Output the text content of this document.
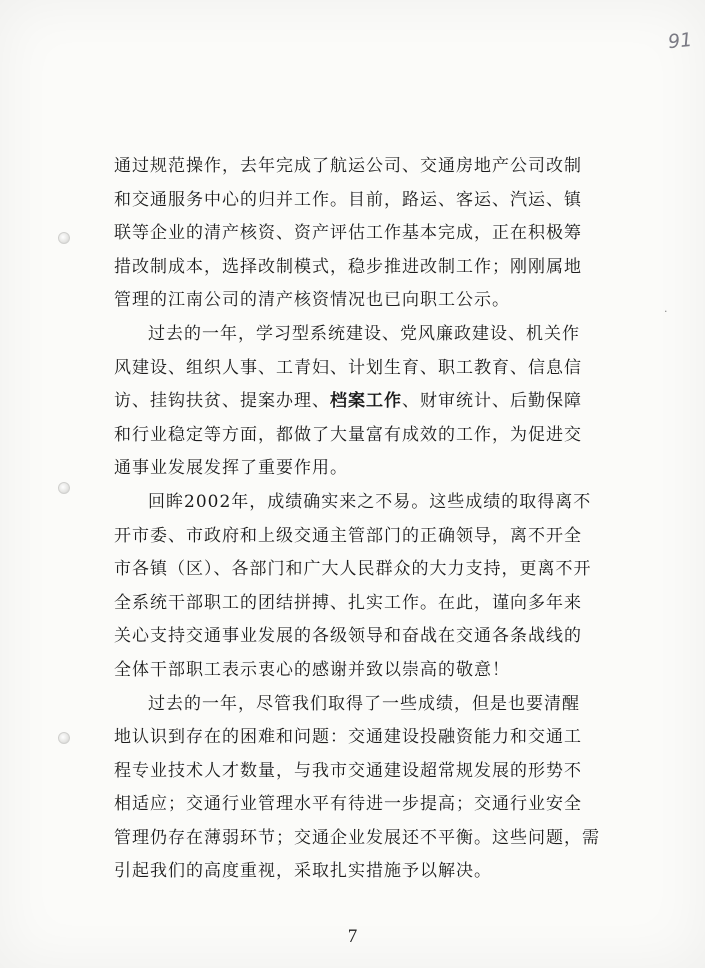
91
·
通过规范操作，去年完成了航运公司、交通房地产公司改制
和交通服务中心的归并工作。目前，路运、客运、汽运、镇
联等企业的清产核资、资产评估工作基本完成，正在积极筹
措改制成本，选择改制模式，稳步推进改制工作；刚刚属地
管理的江南公司的清产核资情况也已向职工公示。
过去的一年，学习型系统建设、党风廉政建设、机关作
风建设、组织人事、工青妇、计划生育、职工教育、信息信
访、挂钩扶贫、提案办理、档案工作、财审统计、后勤保障
和行业稳定等方面，都做了大量富有成效的工作，为促进交
通事业发展发挥了重要作用。
回眸2002年，成绩确实来之不易。这些成绩的取得离不
开市委、市政府和上级交通主管部门的正确领导，离不开全
市各镇（区）、各部门和广大人民群众的大力支持，更离不开
全系统干部职工的团结拼搏、扎实工作。在此，谨向多年来
关心支持交通事业发展的各级领导和奋战在交通各条战线的
全体干部职工表示衷心的感谢并致以崇高的敬意！
过去的一年，尽管我们取得了一些成绩，但是也要清醒
地认识到存在的困难和问题：交通建设投融资能力和交通工
程专业技术人才数量，与我市交通建设超常规发展的形势不
相适应；交通行业管理水平有待进一步提高；交通行业安全
管理仍存在薄弱环节；交通企业发展还不平衡。这些问题，需
引起我们的高度重视，采取扎实措施予以解决。
7
